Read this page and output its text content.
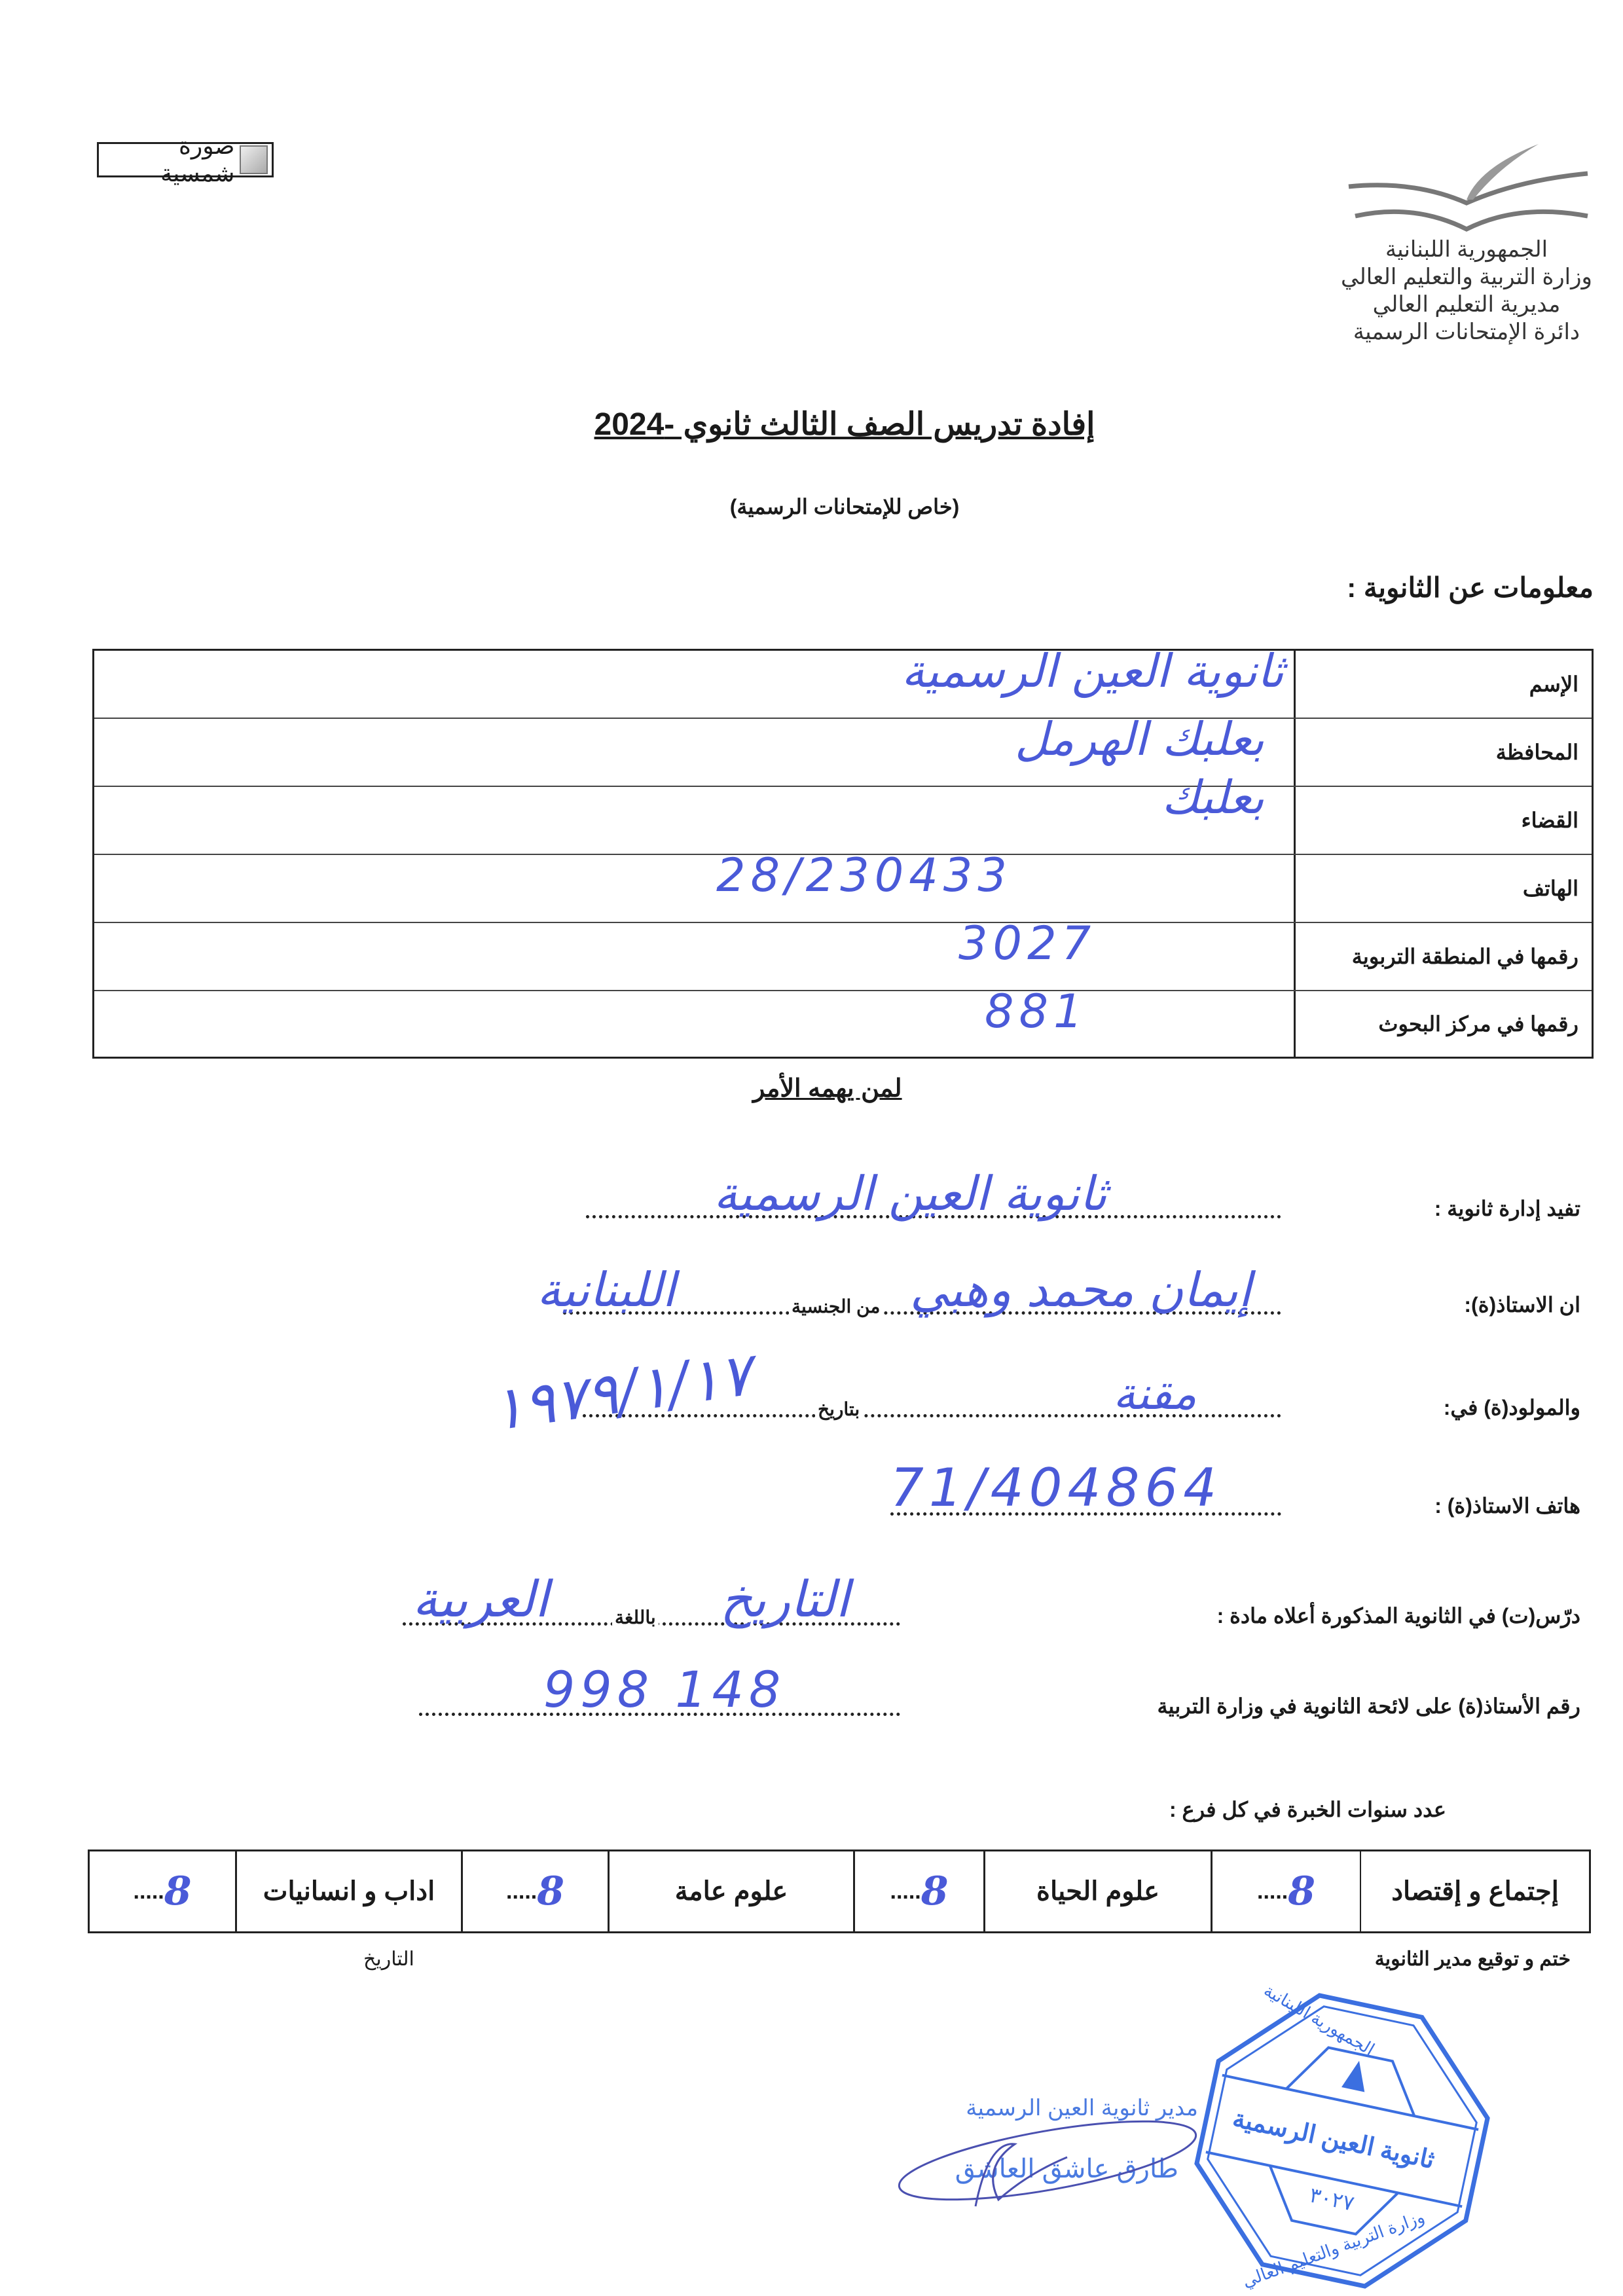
صورة شمسية
الجمهورية اللبنانية
وزارة التربية والتعليم العالي
مديرية التعليم العالي
دائرة الإمتحانات الرسمية
إفادة تدريس الصف الثالث ثانوي -2024
(خاص للإمتحانات الرسمية)
معلومات عن الثانوية :
الإسم
ثانوية العين الرسمية
المحافظة
بعلبك الهرمل
القضاء
بعلبك
الهاتف
28/230433
رقمها في المنطقة التربوية
3027
رقمها في مركز البحوث
881
لمن يهمه الأمر
تفيد إدارة ثانوية :
ثانوية العين الرسمية
ان الاستاذ(ة):
من الجنسية إيمان محمد وهبي
اللبنانية
والمولود(ة) في:
بتاريخ	مقنة
١٩٧٩/١/١٧
هاتف الاستاذ(ة) :
71/404864
درّس(ت) في الثانوية المذكورة أعلاه مادة :
باللغة التاريخ
العربية
رقم الأستاذ(ة) على لائحة الثانوية في وزارة التربية
998 148
عدد سنوات الخبرة في كل فرع :
إجتماع و إقتصاد
8
.....
علوم الحياة
8
.....
علوم عامة
8
.....
اداب و انسانيات
8
.....
ختم و توقيع مدير الثانوية
التاريخ
مدير ثانوية العين الرسمية
طارق عاشق العاشق
الجمهورية اللبنانية
ثانوية العين الرسمية
٣٠٢٧
وزارة التربية والتعليم العالي
